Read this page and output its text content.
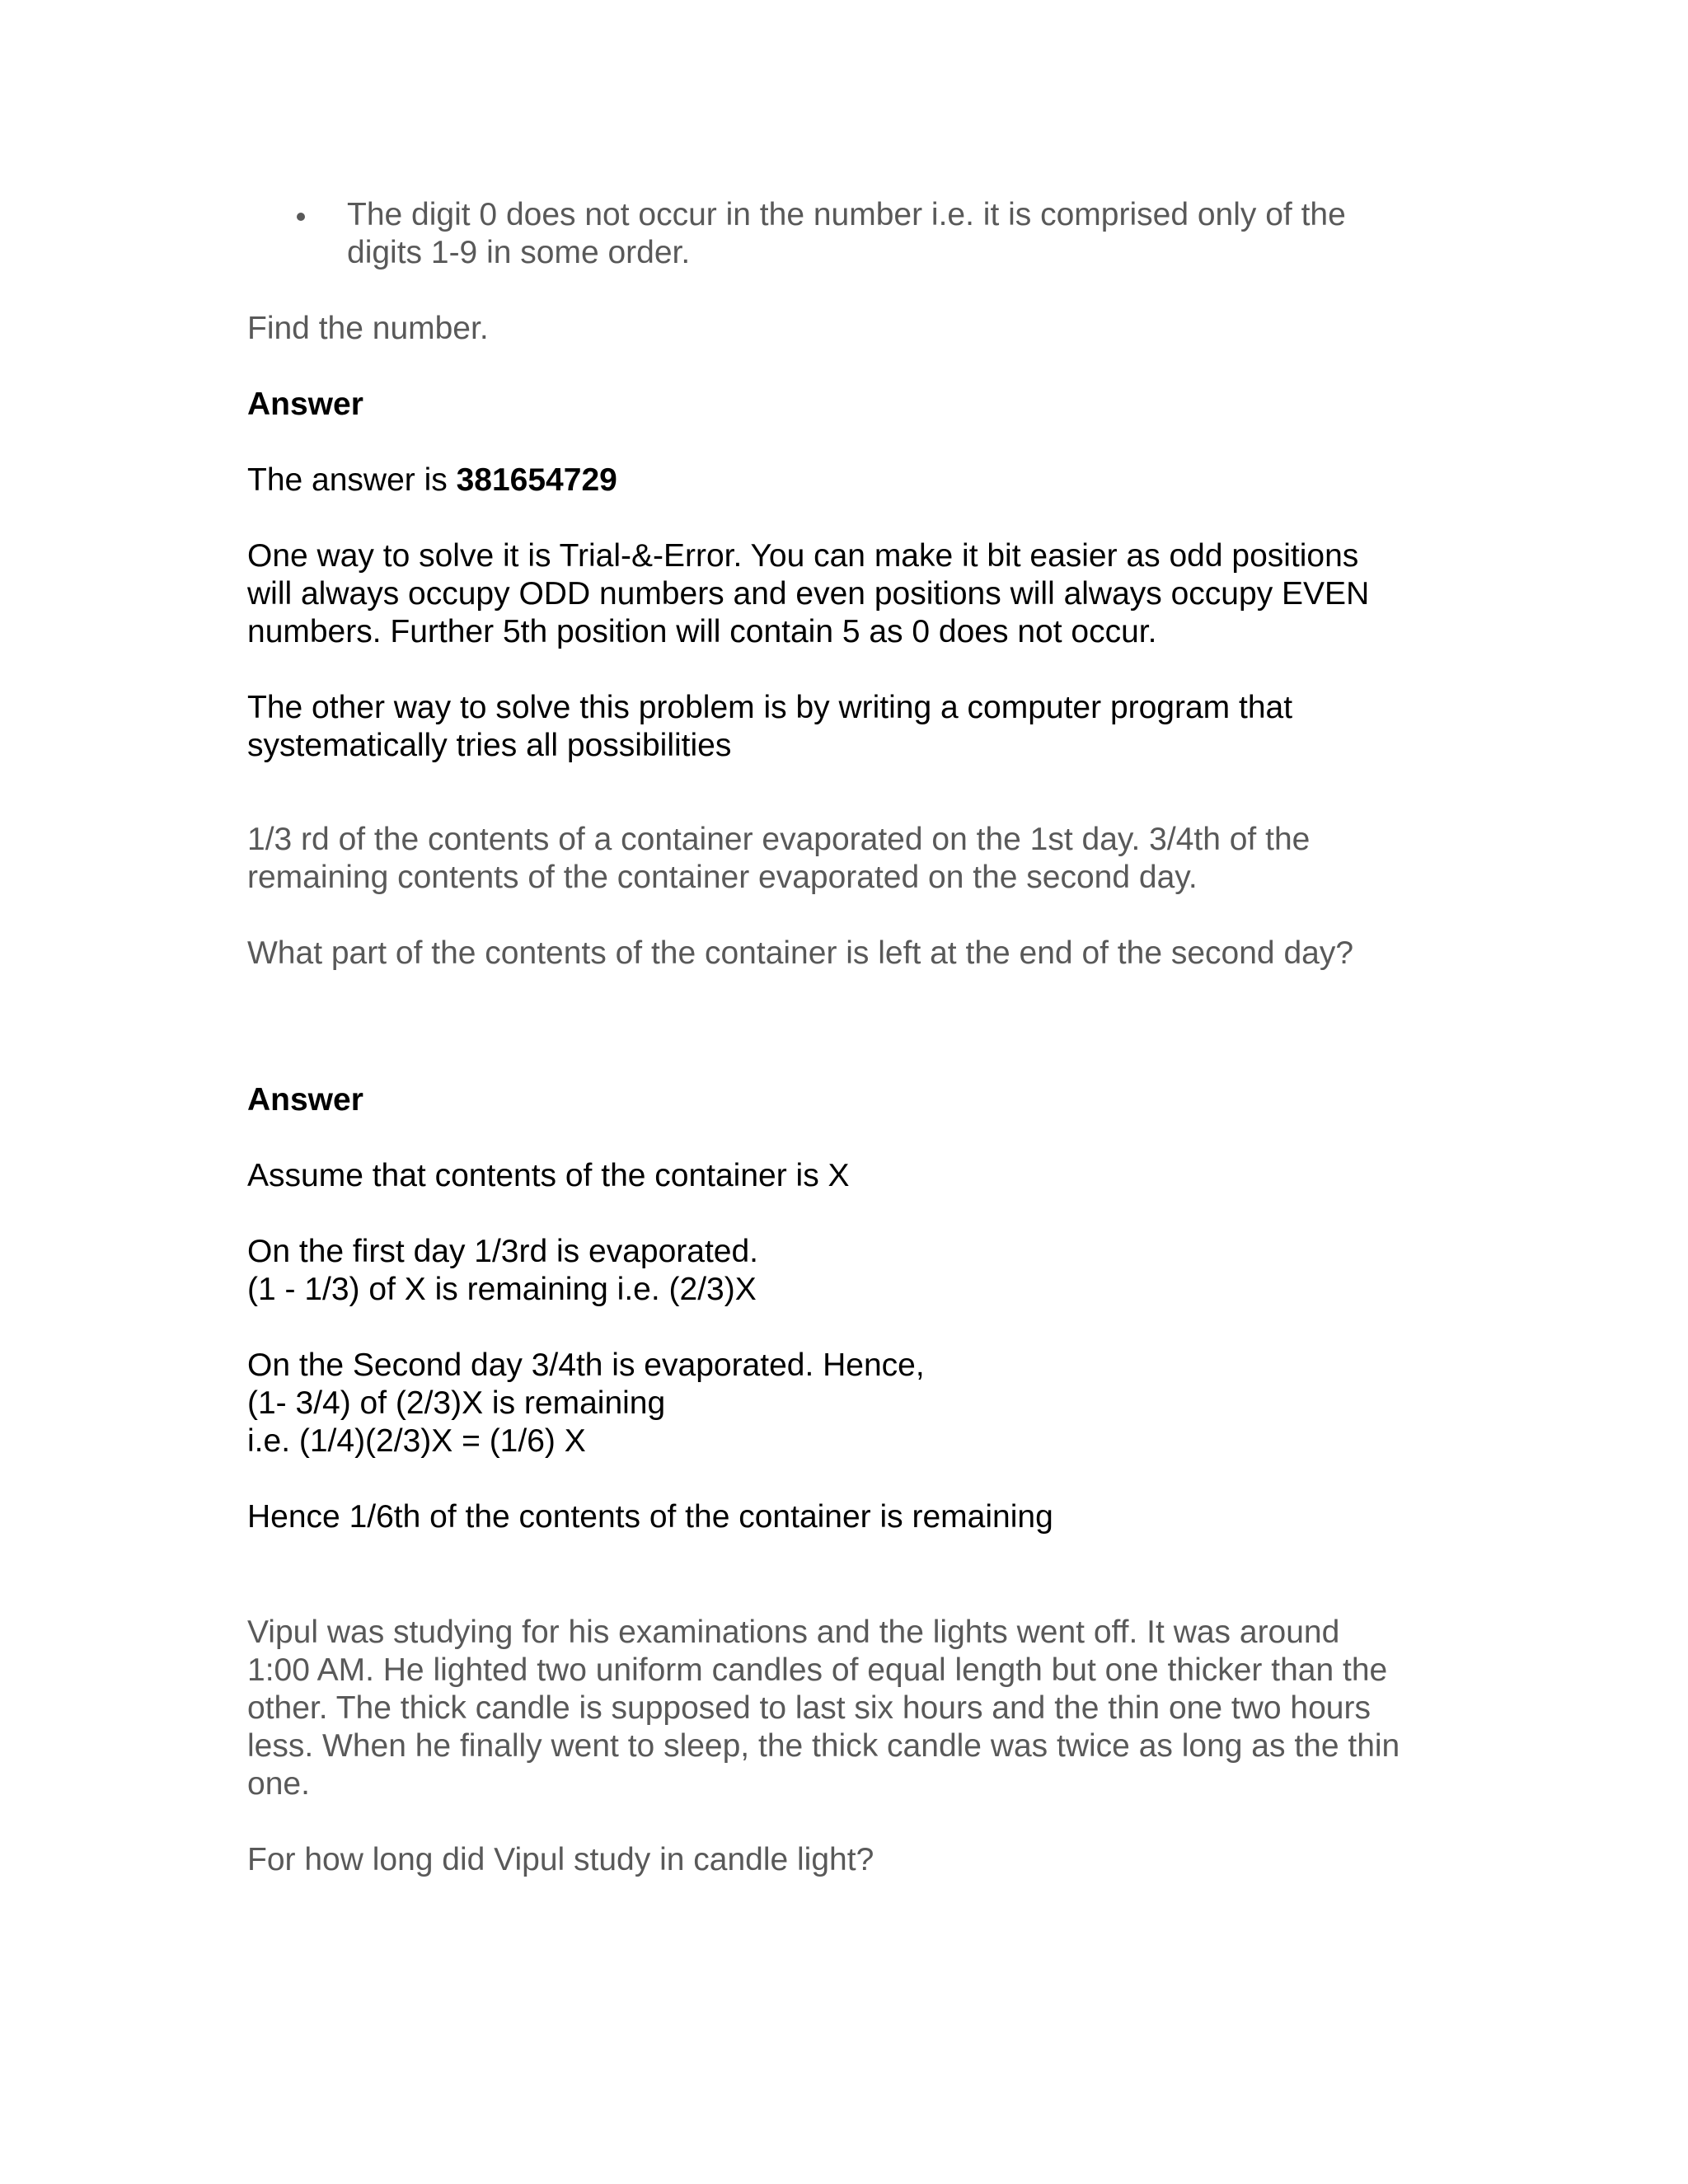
The digit 0 does not occur in the number i.e. it is comprised only of the
digits 1-9 in some order.

Find the number.

Answer

The answer is 381654729

One way to solve it is Trial-&-Error. You can make it bit easier as odd positions

will always occupy ODD numbers and even positions will always occupy EVEN

numbers. Further 5th position will contain 5 as 0 does not occur.

The other way to solve this problem is by writing a computer program that

systematically tries all possibilities

1/3 rd of the contents of a container evaporated on the 1st day. 3/4th of the

remaining contents of the container evaporated on the second day.

What part of the contents of the container is left at the end of the second day?

Answer

Assume that contents of the container is X

On the first day 1/3rd is evaporated.

(1 - 1/3) of X is remaining i.e. (2/3)X

On the Second day 3/4th is evaporated. Hence,

(1- 3/4) of (2/3)X is remaining

i.e. (1/4)(2/3)X = (1/6) X

Hence 1/6th of the contents of the container is remaining

Vipul was studying for his examinations and the lights went off. It was around

1:00 AM. He lighted two uniform candles of equal length but one thicker than the

other. The thick candle is supposed to last six hours and the thin one two hours

less. When he finally went to sleep, the thick candle was twice as long as the thin

one.

For how long did Vipul study in candle light?
